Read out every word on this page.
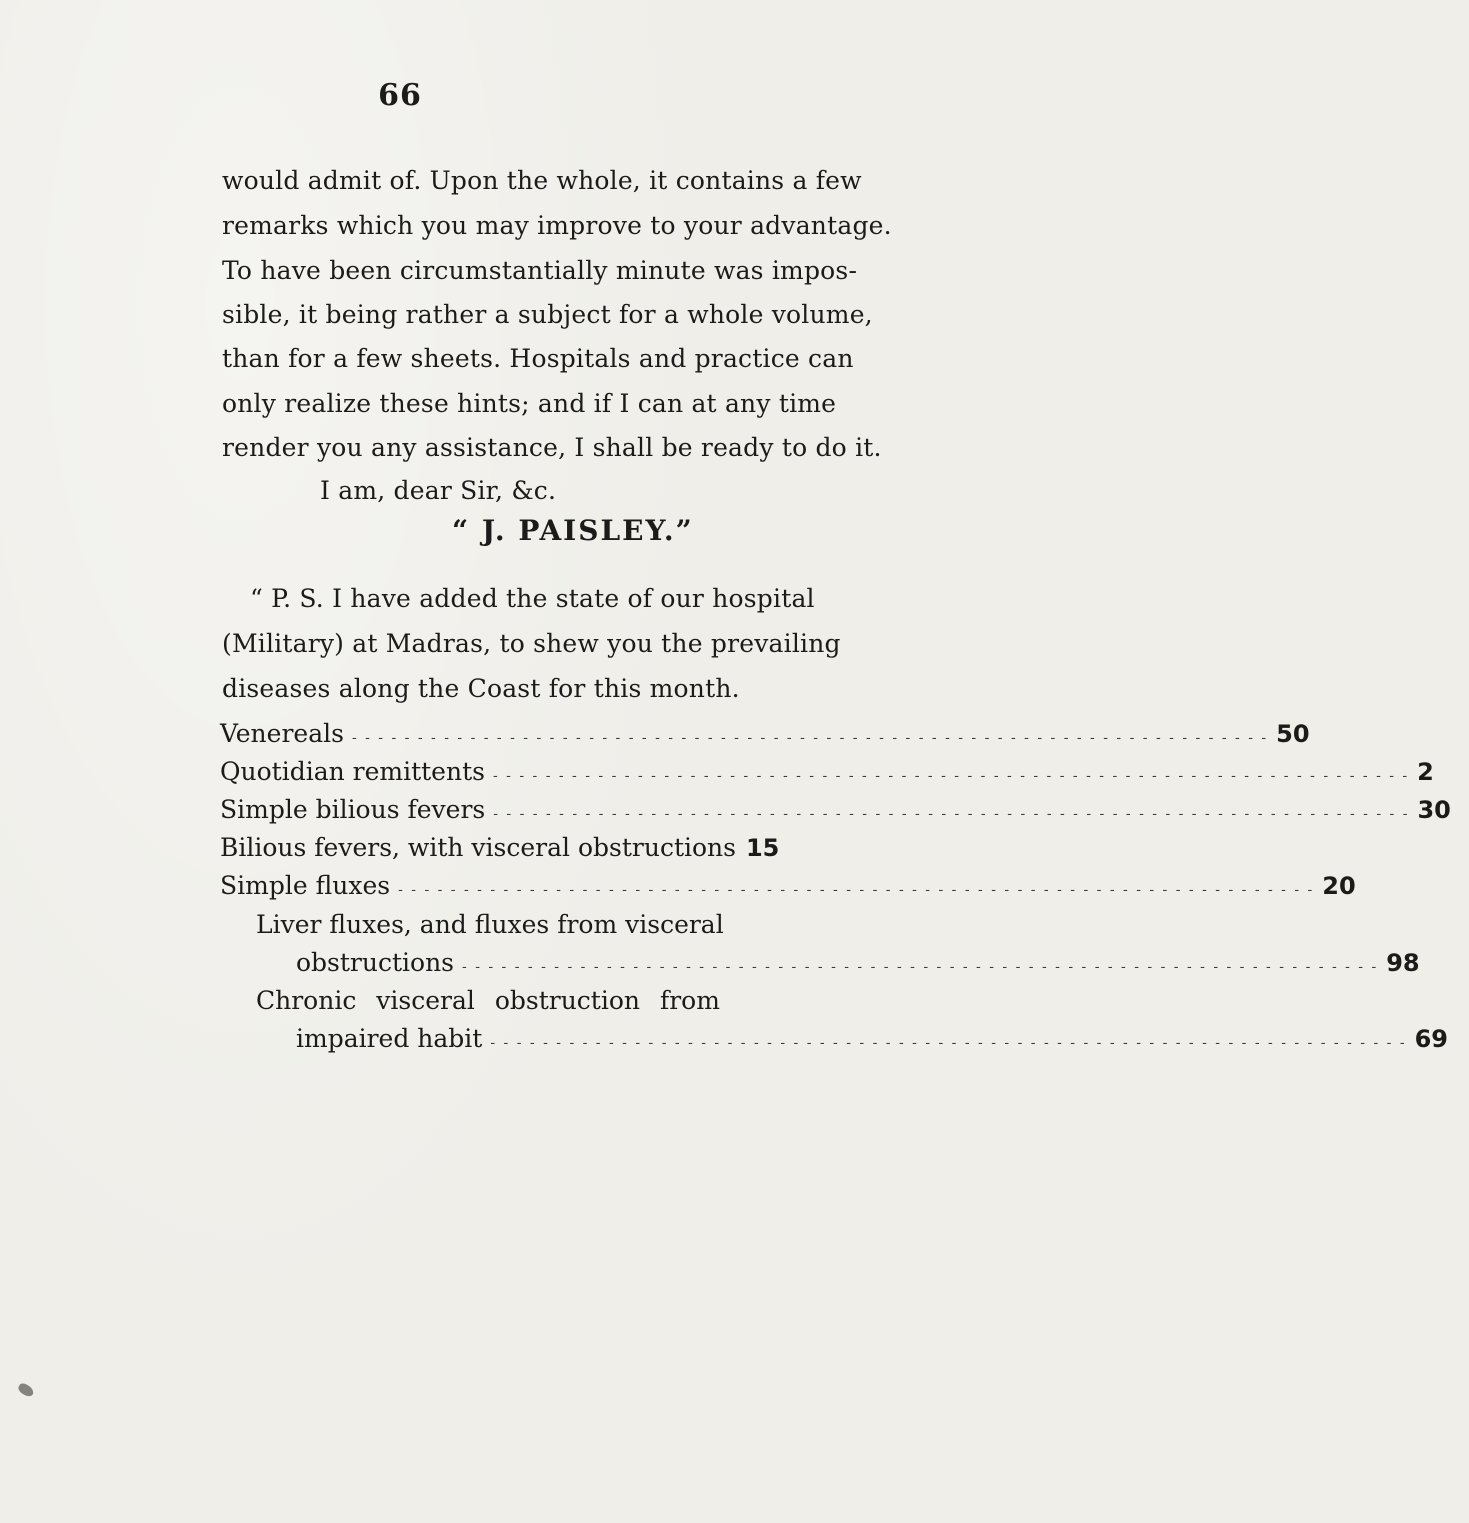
66
would admit of. Upon the whole, it contains a few
remarks which you may improve to your advantage.
To have been circumstantially minute was impos-
sible, it being rather a subject for a whole volume,
than for a few sheets. Hospitals and practice can
only realize these hints; and if I can at any time
render you any assistance, I shall be ready to do it.
I am, dear Sir, &c.
“ J. PAISLEY.”
“ P. S. I have added the state of our hospital
(Military) at Madras, to shew you the prevailing
diseases along the Coast for this month.
Venereals - - -	50
Quotidian remittents - - -	2
Simple bilious fevers - - -	30
Bilious fevers, with visceral obstructions 15
Simple fluxes - - -	20
Liver fluxes, and fluxes from visceral
obstructions - - -	98
Chronic visceral obstruction from
impaired habit - - -	69
